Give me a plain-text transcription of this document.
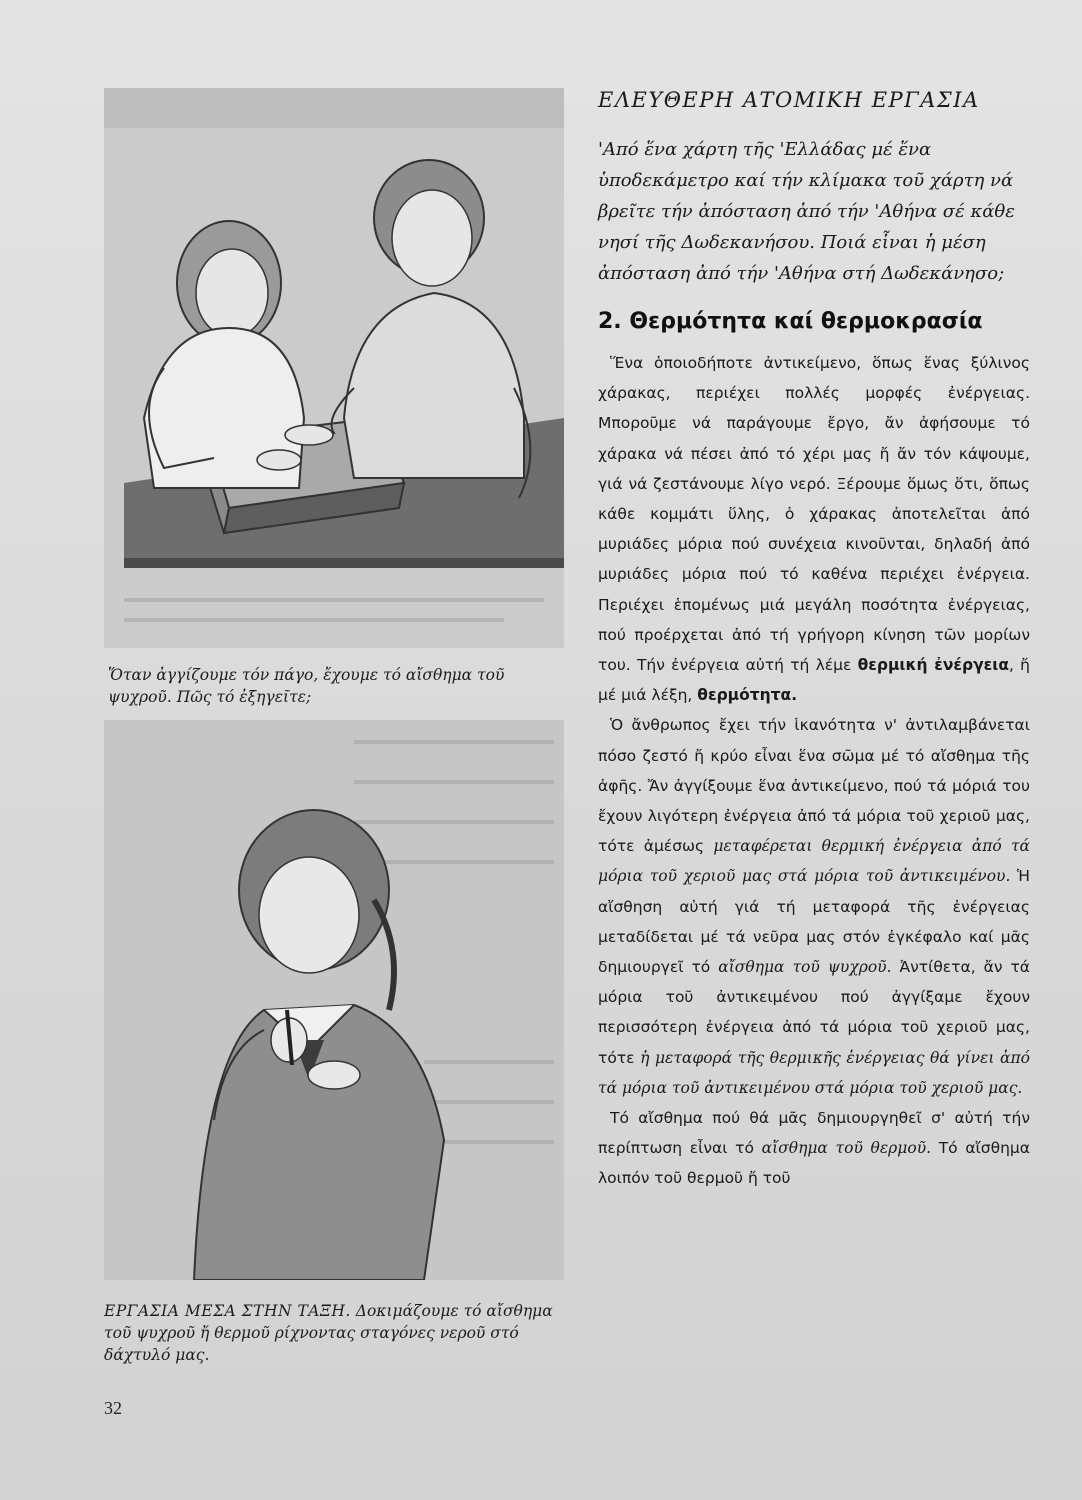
Ὅταν ἀγγίζουμε τόν πάγο, ἔχουμε τό αἴσθημα τοῦ ψυχροῦ. Πῶς τό ἐξηγεῖτε;
ΕΡΓΑΣΙΑ ΜΕΣΑ ΣΤΗΝ ΤΑΞΗ. Δοκιμάζουμε τό αἴσθημα τοῦ ψυχροῦ ἤ θερμοῦ ρίχνοντας σταγόνες νεροῦ στό δάχτυλό μας.
32
ΕΛΕΥΘΕΡΗ ΑΤΟΜΙΚΗ ΕΡΓΑΣΙΑ

'Από ἕνα χάρτη τῆς 'Ελλάδας μέ ἕνα ὑποδεκάμετρο καί τήν κλίμακα τοῦ χάρτη νά βρεῖτε τήν ἀπόσταση ἀπό τήν 'Αθήνα σέ κάθε νησί τῆς Δωδεκανήσου. Ποιά εἶναι ἡ μέση ἀπόσταση ἀπό τήν 'Αθήνα στή Δωδεκάνησο;

2. Θερμότητα καί θερμοκρασία

Ἕνα ὁποιοδήποτε ἀντικείμενο, ὅπως ἕνας ξύλινος χάρακας, περιέχει πολλές μορφές ἐνέργειας. Μποροῦμε νά παράγουμε ἔργο, ἄν ἀφήσουμε τό χάρακα νά πέσει ἀπό τό χέρι μας ἤ ἄν τόν κάψουμε, γιά νά ζεστάνουμε λίγο νερό. Ξέρουμε ὅμως ὅτι, ὅπως κάθε κομμάτι ὕλης, ὁ χάρακας ἀποτελεῖται ἀπό μυριάδες μόρια πού συνέχεια κινοῦνται, δηλαδή ἀπό μυριάδες μόρια πού τό καθένα περιέχει ἐνέργεια. Περιέχει ἑπομένως μιά μεγάλη ποσότητα ἐνέργειας, πού προέρχεται ἀπό τή γρήγορη κίνηση τῶν μορίων του. Τήν ἐνέργεια αὐτή τή λέμε θερμική ἐνέργεια, ἤ μέ μιά λέξη, θερμότητα.

Ὁ ἄνθρωπος ἔχει τήν ἱκανότητα ν' ἀντιλαμβάνεται πόσο ζεστό ἤ κρύο εἶναι ἕνα σῶμα μέ τό αἴσθημα τῆς ἀφῆς. Ἄν ἀγγίξουμε ἕνα ἀντικείμενο, πού τά μόριά του ἔχουν λιγότερη ἐνέργεια ἀπό τά μόρια τοῦ χεριοῦ μας, τότε ἀμέσως μεταφέρεται θερμική ἐνέργεια ἀπό τά μόρια τοῦ χεριοῦ μας στά μόρια τοῦ ἀντικειμένου. Ἡ αἴσθηση αὐτή γιά τή μεταφορά τῆς ἐνέργειας μεταδίδεται μέ τά νεῦρα μας στόν ἐγκέφαλο καί μᾶς δημιουργεῖ τό αἴσθημα τοῦ ψυχροῦ. Ἀντίθετα, ἄν τά μόρια τοῦ ἀντικειμένου πού ἀγγίξαμε ἔχουν περισσότερη ἐνέργεια ἀπό τά μόρια τοῦ χεριοῦ μας, τότε ἡ μεταφορά τῆς θερμικῆς ἐνέργειας θά γίνει ἀπό τά μόρια τοῦ ἀντικειμένου στά μόρια τοῦ χεριοῦ μας.

Τό αἴσθημα πού θά μᾶς δημιουργηθεῖ σ' αὐτή τήν περίπτωση εἶναι τό αἴσθημα τοῦ θερμοῦ. Τό αἴσθημα λοιπόν τοῦ θερμοῦ ἤ τοῦ
